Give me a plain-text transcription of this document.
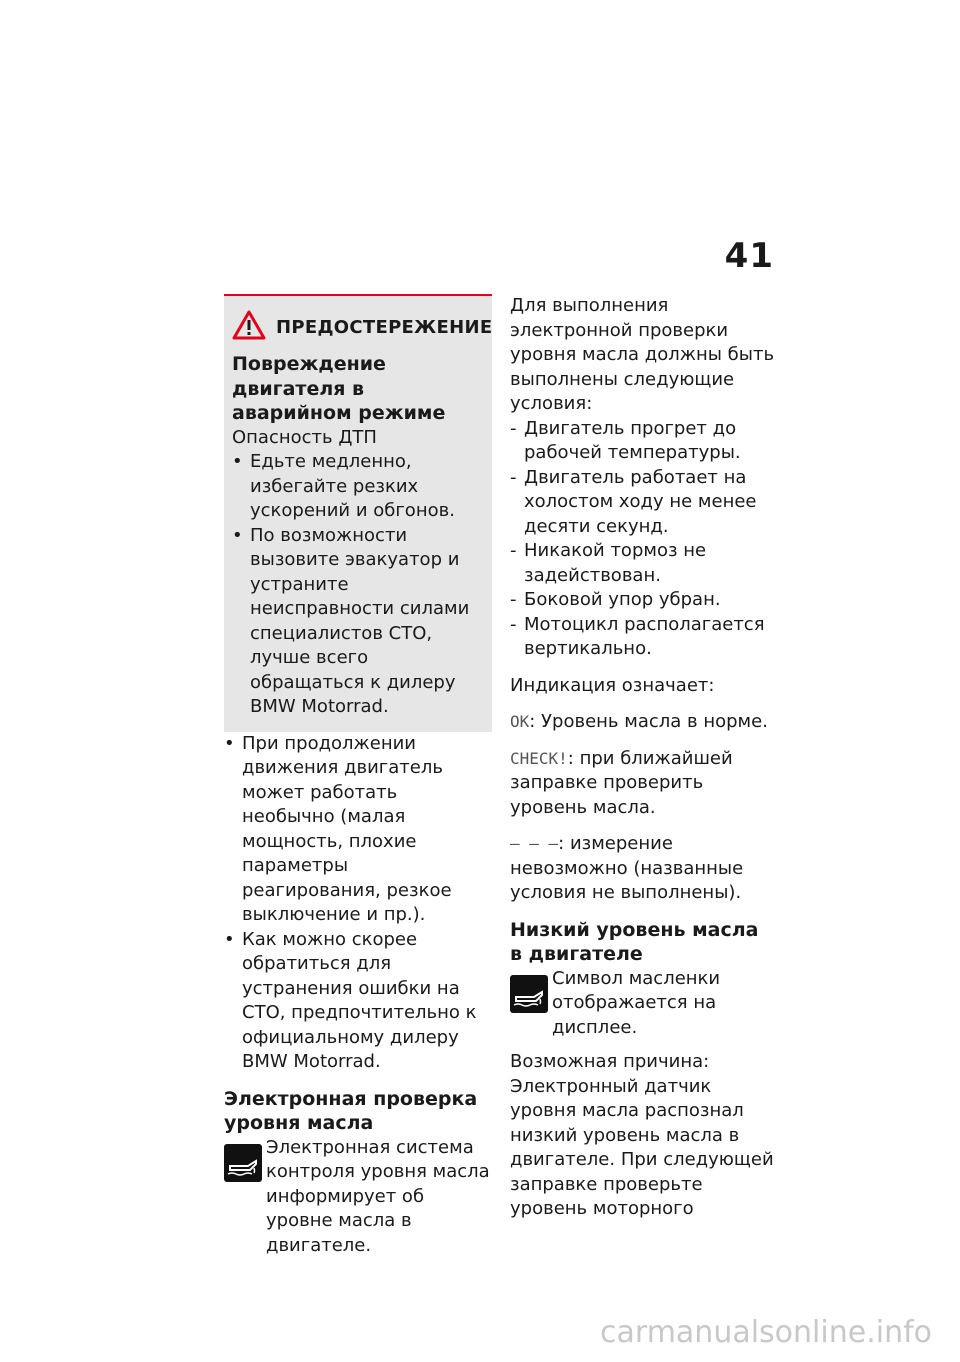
41
ПРЕДОСТЕРЕЖЕНИЕ
Повреждение двигателя в аварийном режиме
Опасность ДТП
• Едьте медленно, избегайте резких ускорений и обгонов.
• По возможности вызовите эвакуатор и устраните неисправности силами специалистов СТО, лучше всего обращаться к дилеру BMW Motorrad.
• При продолжении движения двигатель может работать необычно (малая мощность, плохие параметры реагирования, резкое выключение и пр.).
• Как можно скорее обратиться для устранения ошибки на СТО, предпочтительно к официальному дилеру BMW Motorrad.
Электронная проверка уровня масла
Электронная система контроля уровня масла информирует об уровне масла в двигателе.
Для выполнения электронной проверки уровня масла должны быть выполнены следующие условия:
- Двигатель прогрет до рабочей температуры.
- Двигатель работает на холостом ходу не менее десяти секунд.
- Никакой тормоз не задействован.
- Боковой упор убран.
- Мотоцикл располагается вертикально.
Индикация означает:
OK: Уровень масла в норме.
CHECK!: при ближайшей заправке проверить уровень масла.
– – –: измерение невозможно (названные условия не выполнены).
Низкий уровень масла в двигателе
Символ масленки отображается на дисплее.
Возможная причина:
Электронный датчик уровня масла распознал низкий уровень масла в двигателе. При следующей заправке проверьте уровень моторного
carmanualsonline.info
